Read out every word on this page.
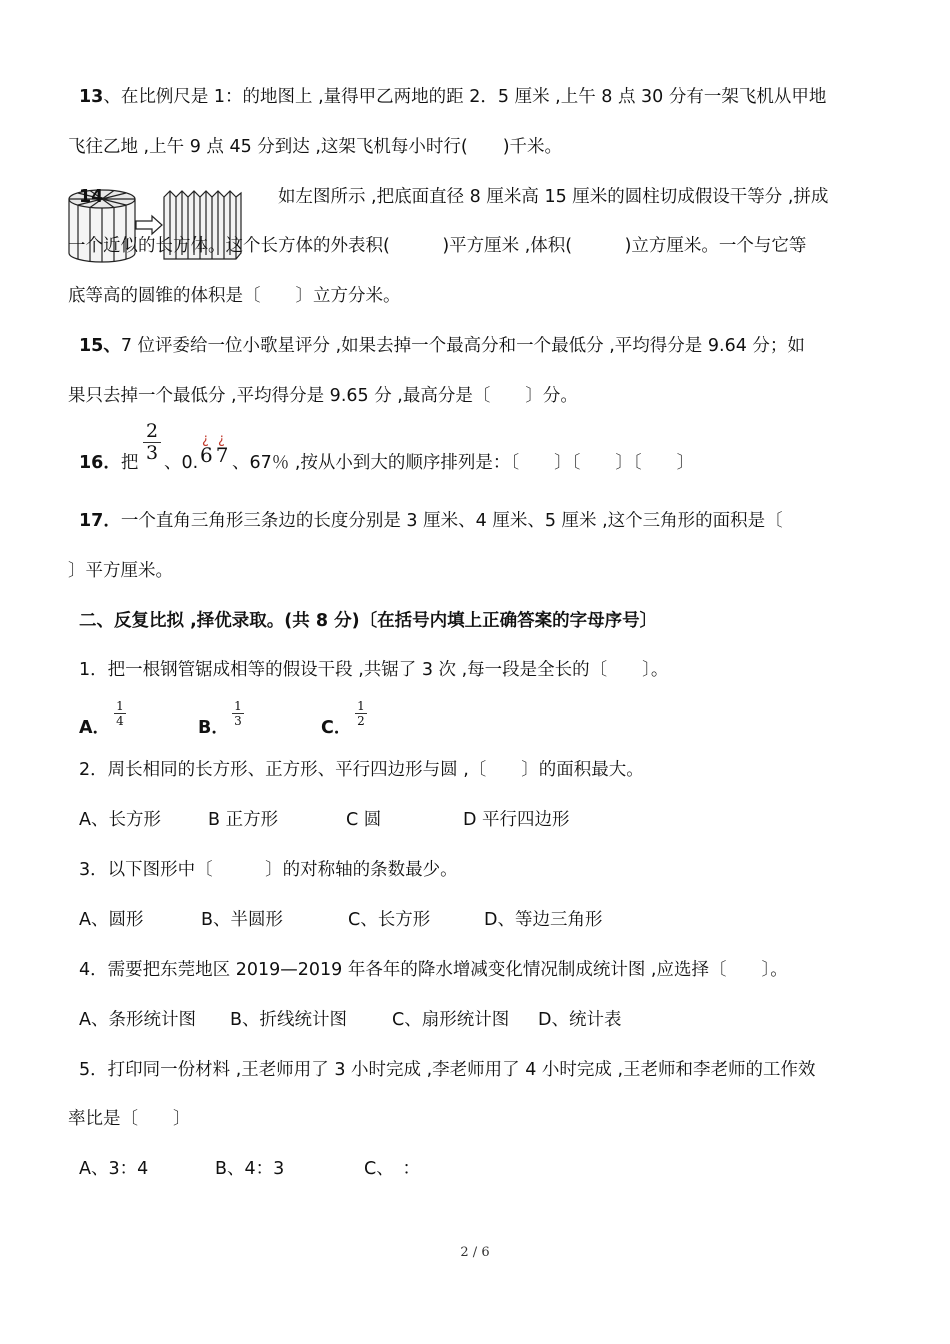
13、在比例尺是 1：的地图上 ,量得甲乙两地的距 2．5 厘米 ,上午 8 点 30 分有一架飞机从甲地
飞往乙地 ,上午 9 点 45 分到达 ,这架飞机每小时行(　　)千米。
14	如左图所示 ,把底面直径 8 厘米高 15 厘米的圆柱切成假设干等分 ,拼成
一个近似的长方体。这个长方体的外表积(　　　)平方厘米 ,体积(　　　)立方厘米。一个与它等
底等高的圆锥的体积是〔　　〕立方分米。
15、7 位评委给一位小歌星评分 ,如果去掉一个最高分和一个最低分 ,平均得分是 9.64 分；如
果只去掉一个最低分 ,平均得分是 9.65 分 ,最高分是〔　　〕分。
16．把
2
3 、0.
¿ ¿
67 、67％ ,按从小到大的顺序排列是：〔　　〕〔　　〕〔　　〕
17．一个直角三角形三条边的长度分别是 3 厘米、4 厘米、5 厘米 ,这个三角形的面积是〔
〕平方厘米。
二、反复比拟 ,择优录取。(共 8 分)〔在括号内填上正确答案的字母序号〕
1．把一根钢管锯成相等的假设干段 ,共锯了 3 次 ,每一段是全长的〔　　〕。
A．
1
4	B．
1
3	C．
1
2
2．周长相同的长方形、正方形、平行四边形与圆 ,〔　　〕的面积最大。
A、长方形	B 正方形	C 圆	D 平行四边形
3．以下图形中〔　　　〕的对称轴的条数最少。
A、圆形	B、半圆形	C、长方形	D、等边三角形
4．需要把东莞地区 2019—2019 年各年的降水增减变化情况制成统计图 ,应选择〔　　〕。
A、条形统计图 B、折线统计图	C、扇形统计图 D、统计表
5．打印同一份材料 ,王老师用了 3 小时完成 ,李老师用了 4 小时完成 ,王老师和李老师的工作效
率比是〔　　〕
A、3：4	B、4：3	C、　：
2 / 6
